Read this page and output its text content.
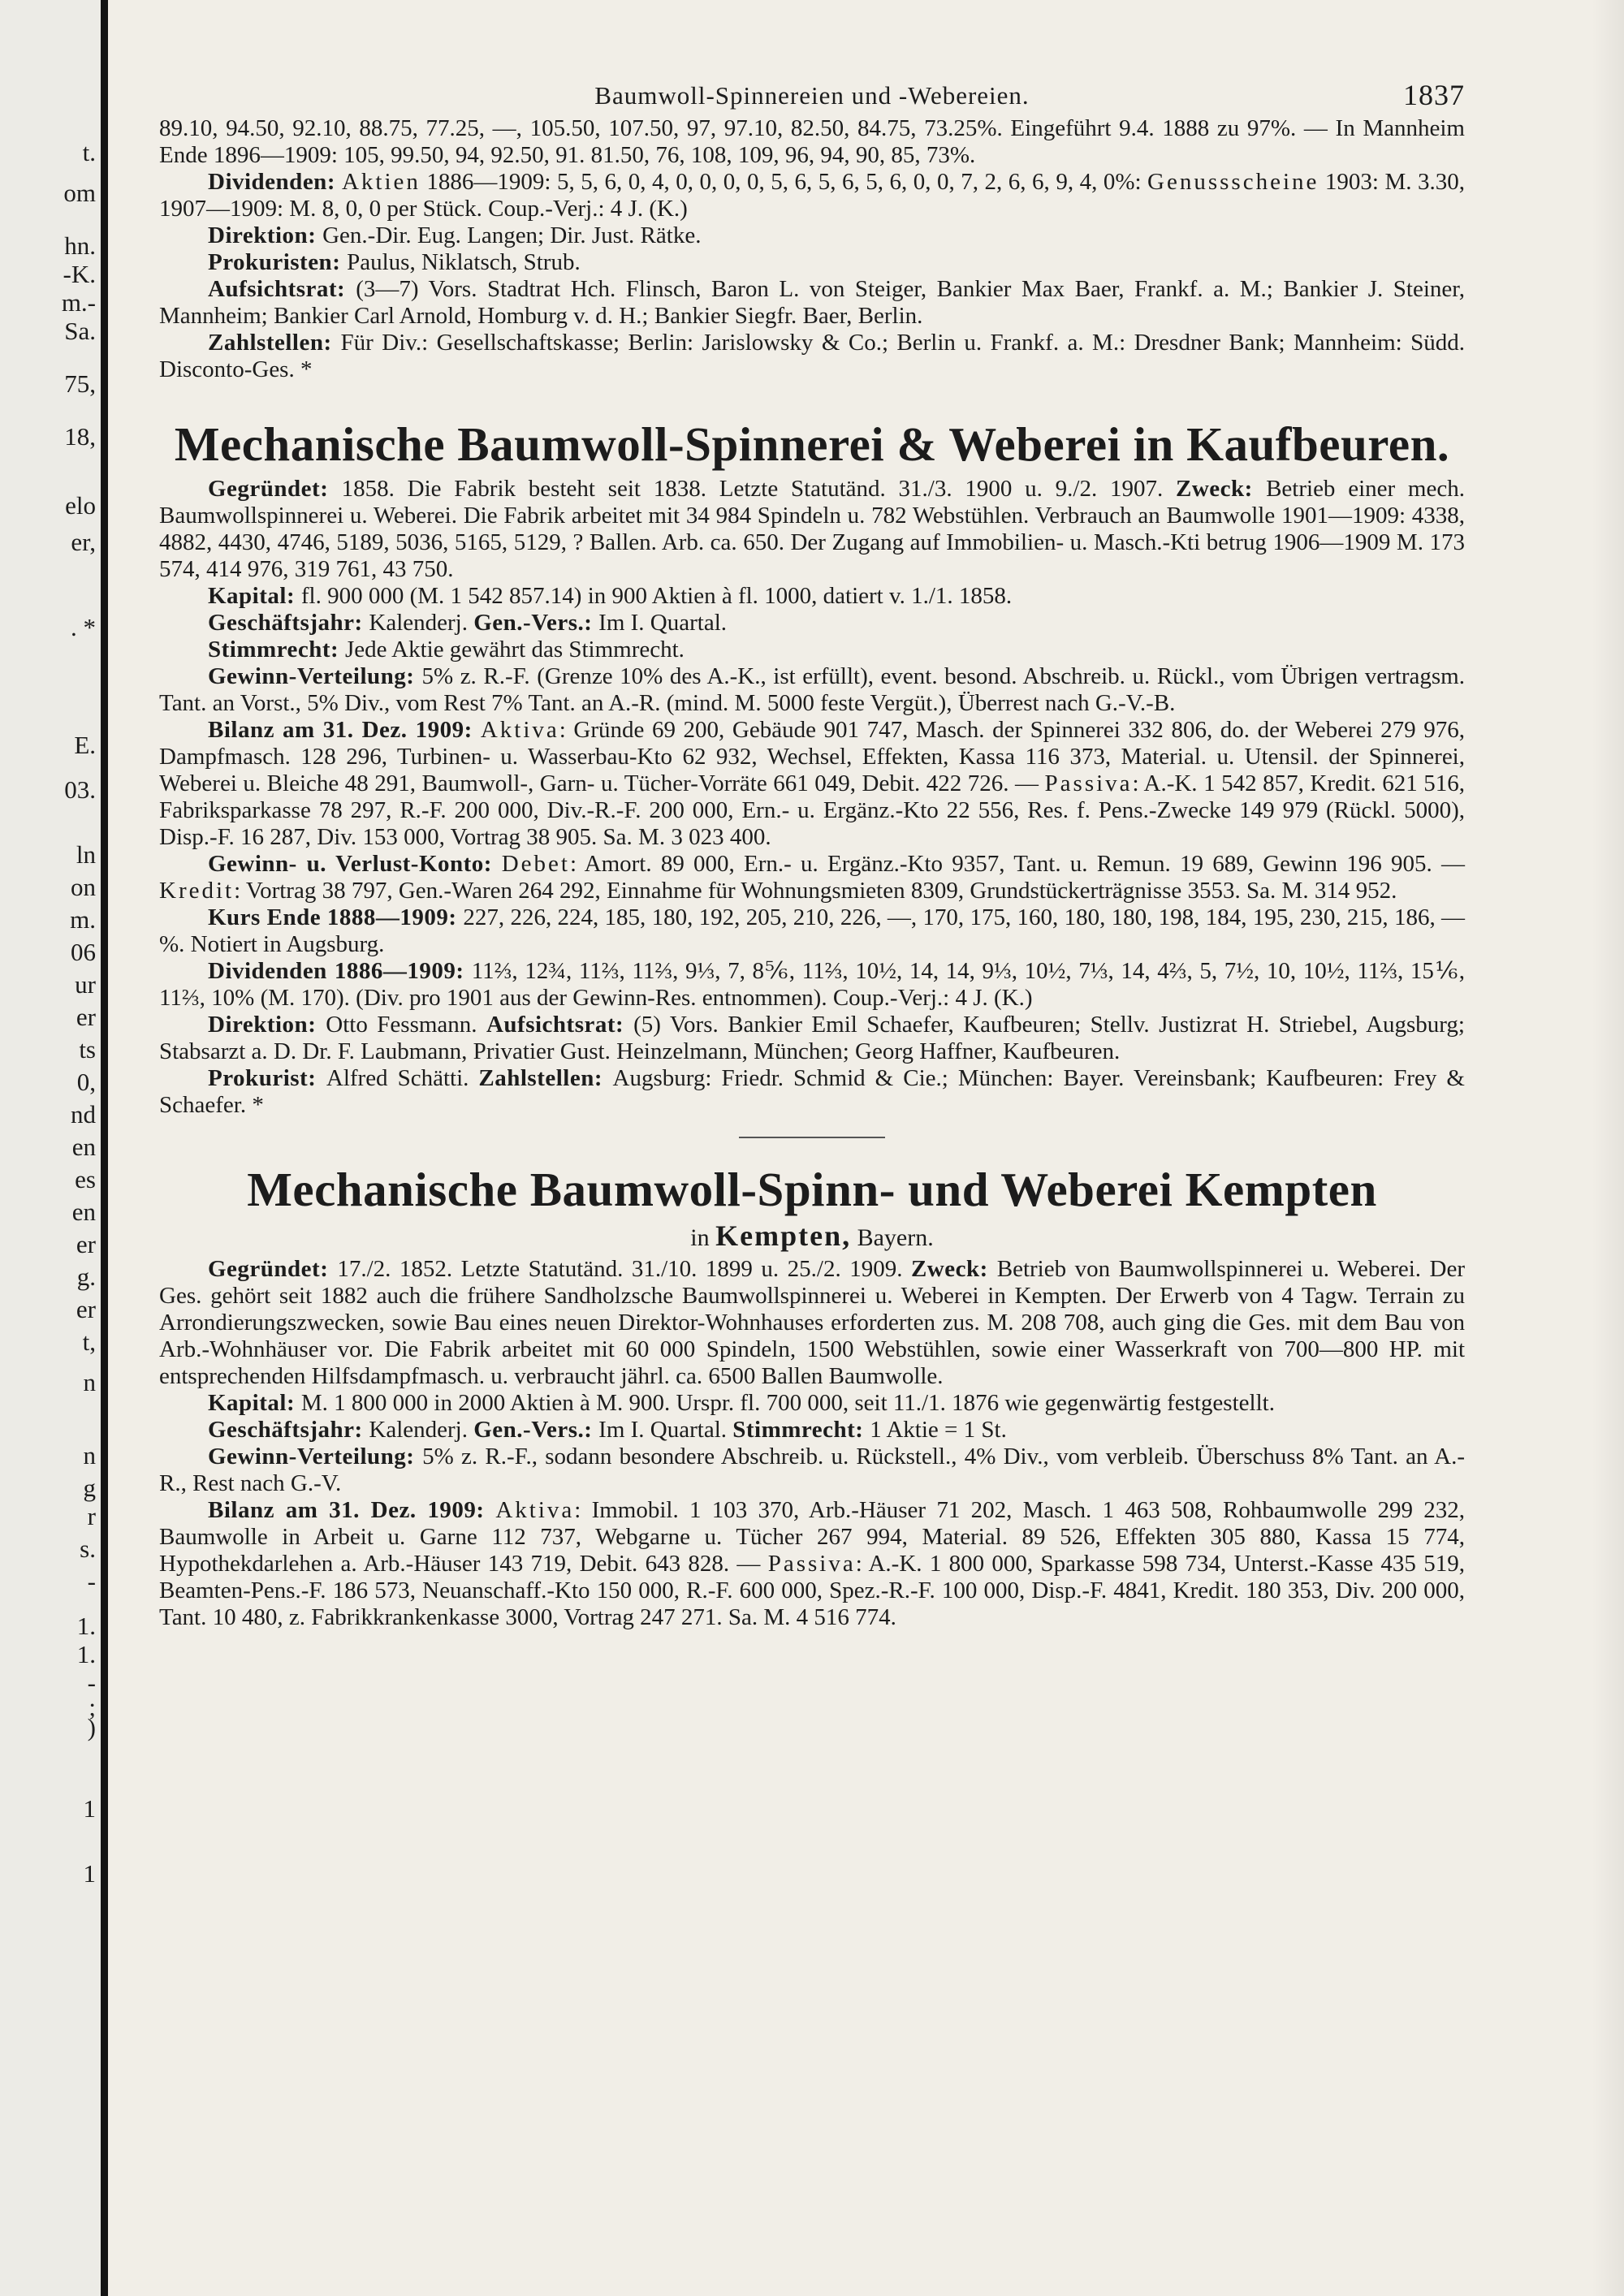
t.
om
hn.
-K.
m.-
Sa.
75,
18,
elo
er,
. *
E.
03.
ln
on
m.
06
ur
er
ts
0,
nd
en
es
en
er
g.
er
t,
n
n
g
r
s.
-
1.
1.
-
;
)
1
1
Baumwoll-Spinnereien und -Webereien.	1837

89.10, 94.50, 92.10, 88.75, 77.25, —, 105.50, 107.50, 97, 97.10, 82.50, 84.75, 73.25%. Eingeführt 9.4. 1888 zu 97%. — In Mannheim Ende 1896—1909: 105, 99.50, 94, 92.50, 91. 81.50, 76, 108, 109, 96, 94, 90, 85, 73%.

Dividenden: Aktien 1886—1909: 5, 5, 6, 0, 4, 0, 0, 0, 0, 5, 6, 5, 6, 5, 6, 0, 0, 7, 2, 6, 6, 9, 4, 0%: Genussscheine 1903: M. 3.30, 1907—1909: M. 8, 0, 0 per Stück. Coup.-Verj.: 4 J. (K.)

Direktion: Gen.-Dir. Eug. Langen; Dir. Just. Rätke.

Prokuristen: Paulus, Niklatsch, Strub.

Aufsichtsrat: (3—7) Vors. Stadtrat Hch. Flinsch, Baron L. von Steiger, Bankier Max Baer, Frankf. a. M.; Bankier J. Steiner, Mannheim; Bankier Carl Arnold, Homburg v. d. H.; Bankier Siegfr. Baer, Berlin.

Zahlstellen: Für Div.: Gesellschaftskasse; Berlin: Jarislowsky & Co.; Berlin u. Frankf. a. M.: Dresdner Bank; Mannheim: Südd. Disconto-Ges. *

Mechanische Baumwoll-Spinnerei & Weberei in Kaufbeuren.

Gegründet: 1858. Die Fabrik besteht seit 1838. Letzte Statutänd. 31./3. 1900 u. 9./2. 1907. Zweck: Betrieb einer mech. Baumwollspinnerei u. Weberei. Die Fabrik arbeitet mit 34 984 Spindeln u. 782 Webstühlen. Verbrauch an Baumwolle 1901—1909: 4338, 4882, 4430, 4746, 5189, 5036, 5165, 5129, ? Ballen. Arb. ca. 650. Der Zugang auf Immobilien- u. Masch.-Kti betrug 1906—1909 M. 173 574, 414 976, 319 761, 43 750.

Kapital: fl. 900 000 (M. 1 542 857.14) in 900 Aktien à fl. 1000, datiert v. 1./1. 1858.

Geschäftsjahr: Kalenderj. Gen.-Vers.: Im I. Quartal.

Stimmrecht: Jede Aktie gewährt das Stimmrecht.

Gewinn-Verteilung: 5% z. R.-F. (Grenze 10% des A.-K., ist erfüllt), event. besond. Abschreib. u. Rückl., vom Übrigen vertragsm. Tant. an Vorst., 5% Div., vom Rest 7% Tant. an A.-R. (mind. M. 5000 feste Vergüt.), Überrest nach G.-V.-B.

Bilanz am 31. Dez. 1909: Aktiva: Gründe 69 200, Gebäude 901 747, Masch. der Spinnerei 332 806, do. der Weberei 279 976, Dampfmasch. 128 296, Turbinen- u. Wasserbau-Kto 62 932, Wechsel, Effekten, Kassa 116 373, Material. u. Utensil. der Spinnerei, Weberei u. Bleiche 48 291, Baumwoll-, Garn- u. Tücher-Vorräte 661 049, Debit. 422 726. — Passiva: A.-K. 1 542 857, Kredit. 621 516, Fabriksparkasse 78 297, R.-F. 200 000, Div.-R.-F. 200 000, Ern.- u. Ergänz.-Kto 22 556, Res. f. Pens.-Zwecke 149 979 (Rückl. 5000), Disp.-F. 16 287, Div. 153 000, Vortrag 38 905. Sa. M. 3 023 400.

Gewinn- u. Verlust-Konto: Debet: Amort. 89 000, Ern.- u. Ergänz.-Kto 9357, Tant. u. Remun. 19 689, Gewinn 196 905. — Kredit: Vortrag 38 797, Gen.-Waren 264 292, Einnahme für Wohnungsmieten 8309, Grundstückerträgnisse 3553. Sa. M. 314 952.

Kurs Ende 1888—1909: 227, 226, 224, 185, 180, 192, 205, 210, 226, —, 170, 175, 160, 180, 180, 198, 184, 195, 230, 215, 186, —%. Notiert in Augsburg.

Dividenden 1886—1909: 11⅔, 12¾, 11⅔, 11⅔, 9⅓, 7, 8⅚, 11⅔, 10½, 14, 14, 9⅓, 10½, 7⅓, 14, 4⅔, 5, 7½, 10, 10½, 11⅔, 15⅙, 11⅔, 10% (M. 170). (Div. pro 1901 aus der Gewinn-Res. entnommen). Coup.-Verj.: 4 J. (K.)

Direktion: Otto Fessmann. Aufsichtsrat: (5) Vors. Bankier Emil Schaefer, Kaufbeuren; Stellv. Justizrat H. Striebel, Augsburg; Stabsarzt a. D. Dr. F. Laubmann, Privatier Gust. Heinzelmann, München; Georg Haffner, Kaufbeuren.

Prokurist: Alfred Schätti. Zahlstellen: Augsburg: Friedr. Schmid & Cie.; München: Bayer. Vereinsbank; Kaufbeuren: Frey & Schaefer. *

Mechanische Baumwoll-Spinn- und Weberei Kempten
in Kempten, Bayern.

Gegründet: 17./2. 1852. Letzte Statutänd. 31./10. 1899 u. 25./2. 1909. Zweck: Betrieb von Baumwollspinnerei u. Weberei. Der Ges. gehört seit 1882 auch die frühere Sandholzsche Baumwollspinnerei u. Weberei in Kempten. Der Erwerb von 4 Tagw. Terrain zu Arrondierungszwecken, sowie Bau eines neuen Direktor-Wohnhauses erforderten zus. M. 208 708, auch ging die Ges. mit dem Bau von Arb.-Wohnhäuser vor. Die Fabrik arbeitet mit 60 000 Spindeln, 1500 Webstühlen, sowie einer Wasserkraft von 700—800 HP. mit entsprechenden Hilfsdampfmasch. u. verbraucht jährl. ca. 6500 Ballen Baumwolle.

Kapital: M. 1 800 000 in 2000 Aktien à M. 900. Urspr. fl. 700 000, seit 11./1. 1876 wie gegenwärtig festgestellt.

Geschäftsjahr: Kalenderj. Gen.-Vers.: Im I. Quartal. Stimmrecht: 1 Aktie = 1 St.

Gewinn-Verteilung: 5% z. R.-F., sodann besondere Abschreib. u. Rückstell., 4% Div., vom verbleib. Überschuss 8% Tant. an A.-R., Rest nach G.-V.

Bilanz am 31. Dez. 1909: Aktiva: Immobil. 1 103 370, Arb.-Häuser 71 202, Masch. 1 463 508, Rohbaumwolle 299 232, Baumwolle in Arbeit u. Garne 112 737, Webgarne u. Tücher 267 994, Material. 89 526, Effekten 305 880, Kassa 15 774, Hypothekdarlehen a. Arb.-Häuser 143 719, Debit. 643 828. — Passiva: A.-K. 1 800 000, Sparkasse 598 734, Unterst.-Kasse 435 519, Beamten-Pens.-F. 186 573, Neuanschaff.-Kto 150 000, R.-F. 600 000, Spez.-R.-F. 100 000, Disp.-F. 4841, Kredit. 180 353, Div. 200 000, Tant. 10 480, z. Fabrikkrankenkasse 3000, Vortrag 247 271. Sa. M. 4 516 774.
